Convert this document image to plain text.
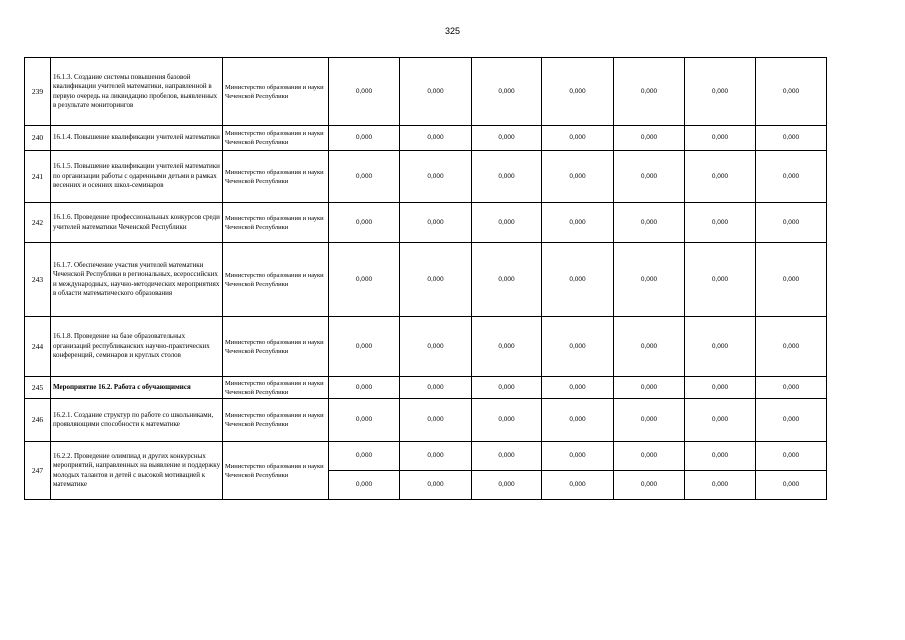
325
239	16.1.3. Создание системы повышения базовой квалификации учителей математики, направленной в первую очередь на ликвидацию пробелов, выявленных в результате мониторингов	Министерство образования и науки Чеченской Республики	0,000	0,000	0,000	0,000	0,000	0,000	0,000
240	16.1.4. Повышение квалификации учителей математики	Министерство образования и науки Чеченской Республики	0,000	0,000	0,000	0,000	0,000	0,000	0,000
241	16.1.5. Повышение квалификации учителей математики по организации работы с одаренными детьми в рамках весенних и осенних школ-семинаров	Министерство образования и науки Чеченской Республики	0,000	0,000	0,000	0,000	0,000	0,000	0,000
242	16.1.6. Проведение профессиональных конкурсов среди учителей математики Чеченской Республики	Министерство образования и науки Чеченской Республики	0,000	0,000	0,000	0,000	0,000	0,000	0,000
243	16.1.7. Обеспечение участия учителей математики Чеченской Республики в региональных, всероссийских и международных, научно-методических мероприятиях в области математического образования	Министерство образования и науки Чеченской Республики	0,000	0,000	0,000	0,000	0,000	0,000	0,000
244	16.1.8. Проведение на базе образовательных организаций республиканских научно-практических конференций, семинаров и круглых столов	Министерство образования и науки Чеченской Республики	0,000	0,000	0,000	0,000	0,000	0,000	0,000
245	Мероприятие 16.2. Работа с обучающимися	Министерство образования и науки Чеченской Республики	0,000	0,000	0,000	0,000	0,000	0,000	0,000
246	16.2.1. Создание структур по работе со школьниками, проявляющими способности к математике	Министерство образования и науки Чеченской Республики	0,000	0,000	0,000	0,000	0,000	0,000	0,000
247	16.2.2. Проведение олимпиад и других конкурсных мероприятий, направленных на выявление и поддержку молодых талантов и детей с высокой мотивацией к математике	Министерство образования и науки Чеченской Республики	0,000	0,000	0,000	0,000	0,000	0,000	0,000
			0,000	0,000	0,000	0,000	0,000	0,000	0,000
